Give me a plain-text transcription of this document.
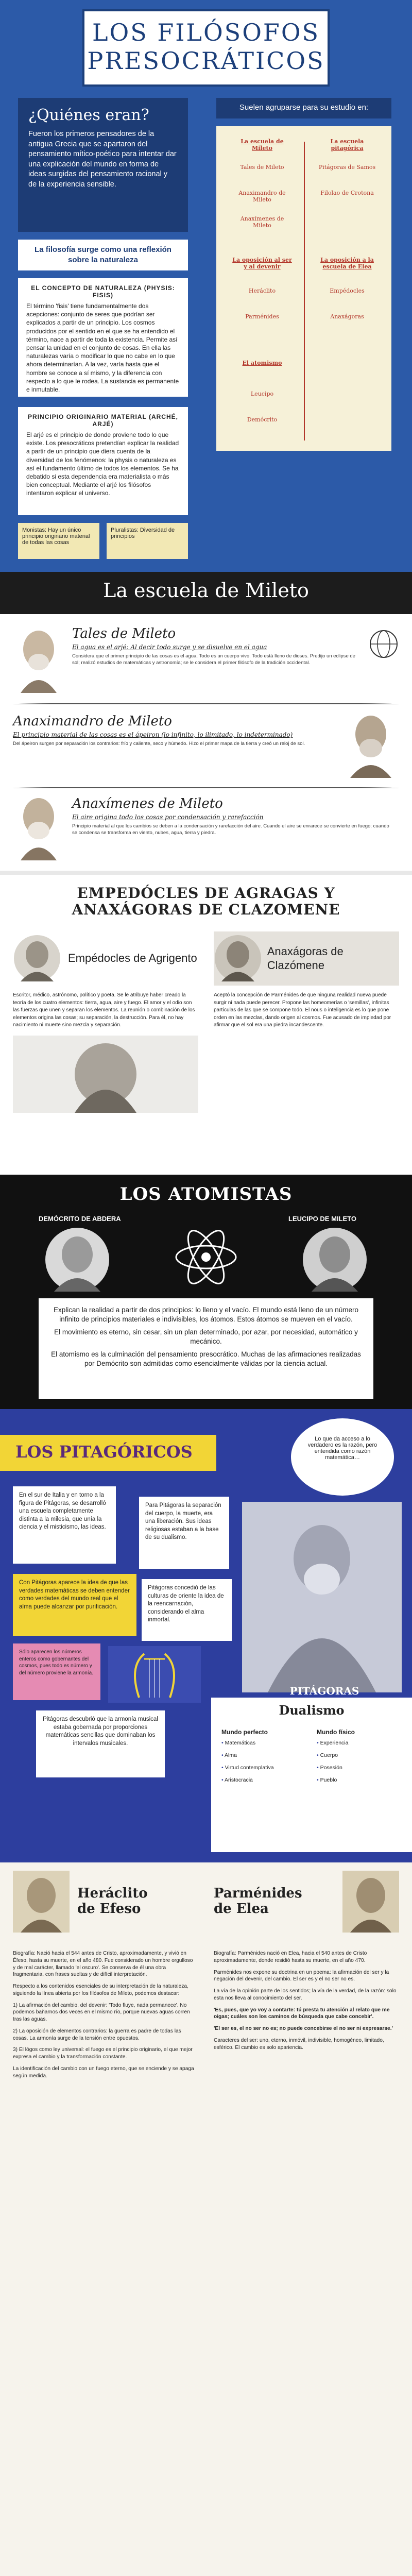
LOS FILÓSOFOS PRESOCRÁTICOS
¿Quiénes eran?

Fueron los primeros pensadores de la antigua Grecia que se apartaron del pensamiento mítico-poético para intentar dar una explicación del mundo en forma de ideas surgidas del pensamiento racional y de la experiencia sensible.

La filosofía surge como una reflexión sobre la naturaleza

EL CONCEPTO DE NATURALEZA (PHYSIS: FISIS)

El término 'fisis' tiene fundamentalmente dos acepciones: conjunto de seres que podrían ser explicados a partir de un principio. Los cosmos producidos por el sentido en el que se ha entendido el término, nace a partir de toda la existencia. Permite así pensar la unidad en el conjunto de cosas. En ella las naturalezas varía o modificar lo que no cabe en lo que ahora determinarían. A la vez, varía hasta que el hombre se conoce a sí mismo, y la diferencia con respecto a lo que le rodea. La sustancia es permanente e inmutable.

PRINCIPIO ORIGINARIO MATERIAL (ARCHÉ, ARJÉ)

El arjé es el principio de donde proviene todo lo que existe. Los presocráticos pretendían explicar la realidad a partir de un principio que diera cuenta de la diversidad de los fenómenos: la physis o naturaleza es así el fundamento último de todos los elementos. Se ha debatido si esta dependencia era materialista o más bien conceptual. Mediante el arjé los filósofos intentaron explicar el universo.

Monistas: Hay un único principio originario material de todas las cosas
Pluralistas: Diversidad de principios
Suelen agruparse para su estudio en:
La escuela de Mileto
La escuela pitagórica
Tales de Mileto
Anaximandro de Mileto
Anaxímenes de Mileto
Pitágoras de Samos
Filolao de Crotona
La oposición al ser y al devenir
Heráclito
Parménides
La oposición a la escuela de Elea
Empédocles
Anaxágoras
El atomismo
Leucipo
Demócrito
La escuela de Mileto
Tales de Mileto
El agua es el arjé: Al decir todo surge y se disuelve en el agua

Considera que el primer principio de las cosas es el agua. Todo es un cuerpo vivo. Todo está lleno de dioses. Predijo un eclipse de sol; realizó estudios de matemáticas y astronomía; se le considera el primer filósofo de la tradición occidental.

Anaximandro de Mileto
El principio material de las cosas es el ápeiron (lo infinito, lo ilimitado, lo indeterminado)

Del ápeiron surgen por separación los contrarios: frío y caliente, seco y húmedo. Hizo el primer mapa de la tierra y creó un reloj de sol.

Anaxímenes de Mileto
El aire origina todo los cosas por condensación y rarefacción

Principio material al que los cambios se deben a la condensación y rarefacción del aire. Cuando el aire se enrarece se convierte en fuego; cuando se condensa se transforma en viento, nubes, agua, tierra y piedra.

EMPEDÓCLES DE AGRAGAS Y ANAXÁGORAS DE CLAZOMENE
Empédocles de Agrigento

Escritor, médico, astrónomo, político y poeta. Se le atribuye haber creado la teoría de los cuatro elementos: tierra, agua, aire y fuego. El amor y el odio son las fuerzas que unen y separan los elementos. La reunión o combinación de los elementos origina las cosas; su separación, la destrucción. Para él, no hay nacimiento ni muerte sino mezcla y separación.

Anaxágoras de Clazómene

Aceptó la concepción de Parménides de que ninguna realidad nueva puede surgir ni nada puede perecer. Propone las homeomerías o 'semillas', infinitas partículas de las que se compone todo. El nous o inteligencia es lo que pone orden en las mezclas, dando origen al cosmos. Fue acusado de impiedad por afirmar que el sol era una piedra incandescente.

LOS ATOMISTAS
DEMÓCRITO DE ABDERA	LEUCIPO DE MILETO

Explican la realidad a partir de dos principios: lo lleno y el vacío. El mundo está lleno de un número infinito de principios materiales e indivisibles, los átomos. Estos átomos se mueven en el vacío.

El movimiento es eterno, sin cesar, sin un plan determinado, por azar, por necesidad, automático y mecánico.

El atomismo es la culminación del pensamiento presocrático. Muchas de las afirmaciones realizadas por Demócrito son admitidas como esencialmente válidas por la ciencia actual.

LOS PITAGÓRICOS
Lo que da acceso a lo verdadero es la razón, pero entendida como razón matemática…
En el sur de Italia y en torno a la figura de Pitágoras, se desarrolló una escuela completamente distinta a la milesia, que unía la ciencia y el misticismo, las ideas.
Para Pitágoras la separación del cuerpo, la muerte, era una liberación. Sus ideas religiosas estaban a la base de su dualismo.
Con Pitágoras aparece la idea de que las verdades matemáticas se deben entender como verdades del mundo real que el alma puede alcanzar por purificación.
Pitágoras concedió de las culturas de oriente la idea de la reencarnación, considerando el alma inmortal.
Sólo aparecen los números enteros como gobernantes del cosmos, pues todo es número y del número proviene la armonía.
PITÁGORAS
Pitágoras descubrió que la armonía musical estaba gobernada por proporciones matemáticas sencillas que dominaban los intervalos musicales.
Dualismo
Mundo perfecto
• Matemáticas
• Alma
• Virtud contemplativa
• Aristocracia
Mundo físico
• Experiencia
• Cuerpo
• Posesión
• Pueblo
Heráclito de Efeso
Parménides de Elea

Biografía: Nació hacia el 544 antes de Cristo, aproximadamente, y vivió en Éfeso, hasta su muerte, en el año 480. Fue considerado un hombre orgulloso y de mal carácter, llamado 'el oscuro'. Se conserva de él una obra fragmentaria, con frases sueltas y de difícil interpretación.

Respecto a los contenidos esenciales de su interpretación de la naturaleza, siguiendo la línea abierta por los filósofos de Mileto, podemos destacar:

1) La afirmación del cambio, del devenir: 'Todo fluye, nada permanece'. No podemos bañarnos dos veces en el mismo río, porque nuevas aguas corren tras las aguas.

2) La oposición de elementos contrarios: la guerra es padre de todas las cosas. La armonía surge de la tensión entre opuestos.

3) El lógos como ley universal: el fuego es el principio originario, el que mejor expresa el cambio y la transformación constante.

La identificación del cambio con un fuego eterno, que se enciende y se apaga según medida.

Biografía: Parménides nació en Elea, hacia el 540 antes de Cristo aproximadamente, donde residió hasta su muerte, en el año 470.

Parménides nos expone su doctrina en un poema: la afirmación del ser y la negación del devenir, del cambio. El ser es y el no ser no es.

La vía de la opinión parte de los sentidos; la vía de la verdad, de la razón: solo esta nos lleva al conocimiento del ser.

'Es, pues, que yo voy a contarte: tú presta tu atención al relato que me oigas; cuáles son los caminos de búsqueda que cabe concebir'.

'El ser es, el no ser no es; no puede concebirse el no ser ni expresarse.'

Caracteres del ser: uno, eterno, inmóvil, indivisible, homogéneo, limitado, esférico. El cambio es solo apariencia.
